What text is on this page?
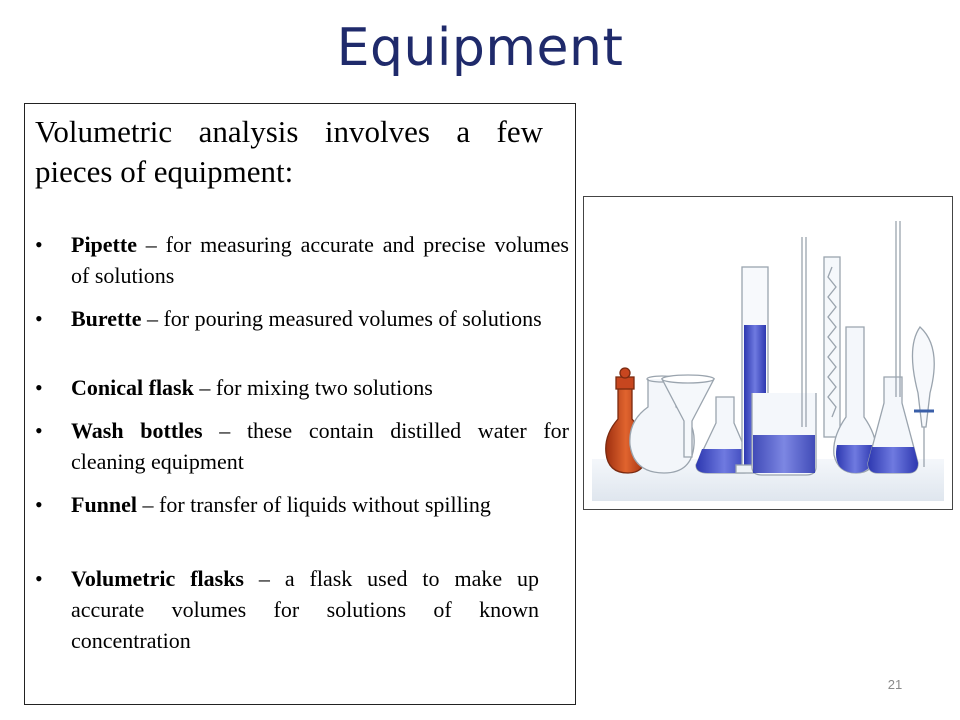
Equipment
Volumetric analysis involves a few pieces of equipment:
•	Pipette – for measuring accurate and precise volumes of solutions
•	Burette – for pouring measured volumes of solutions
•	Conical flask – for mixing two solutions
•	Wash bottles – these contain distilled water for cleaning equipment
•	Funnel – for transfer of liquids without spilling
•	Volumetric flasks – a flask used to make up accurate volumes for solutions of known concentration
21
